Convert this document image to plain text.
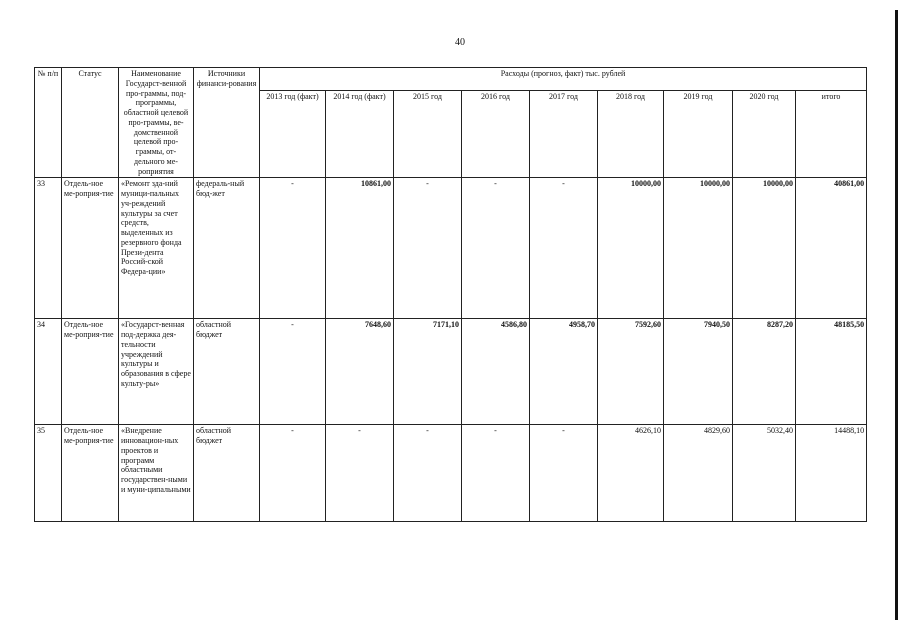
40
№ п/п	Статус	Наименование Государст-венной про-граммы, под-программы, областной целевой про-граммы, ве-домственной целевой про-граммы, от-дельного ме-роприятия	Источники финанси-рования	Расходы (прогноз, факт) тыс. рублей								
				2013 год (факт)	2014 год (факт)	2015 год	2016 год	2017 год	2018 год	2019 год	2020 год	итого
33	Отдель-ное ме-роприя-тие	«Ремонт зда-ний муници-пальных уч-реждений культуры за счет средств, выделенных из резервного фонда Прези-дента Россий-ской Федера-ции»	федераль-ный бюд-жет	-	10861,00	-	-	-	10000,00	10000,00	10000,00	40861,00
34	Отдель-ное ме-роприя-тие	«Государст-венная под-держка дея-тельности учреждений культуры и образования в сфере культу-ры»	областной бюджет	-	7648,60	7171,10	4586,80	4958,70	7592,60	7940,50	8287,20	48185,50
35	Отдель-ное ме-роприя-тие	«Внедрение инновацион-ных проектов и программ областными государствен-ными и муни-ципальными	областной бюджет	-	-	-	-	-	4626,10	4829,60	5032,40	14488,10
